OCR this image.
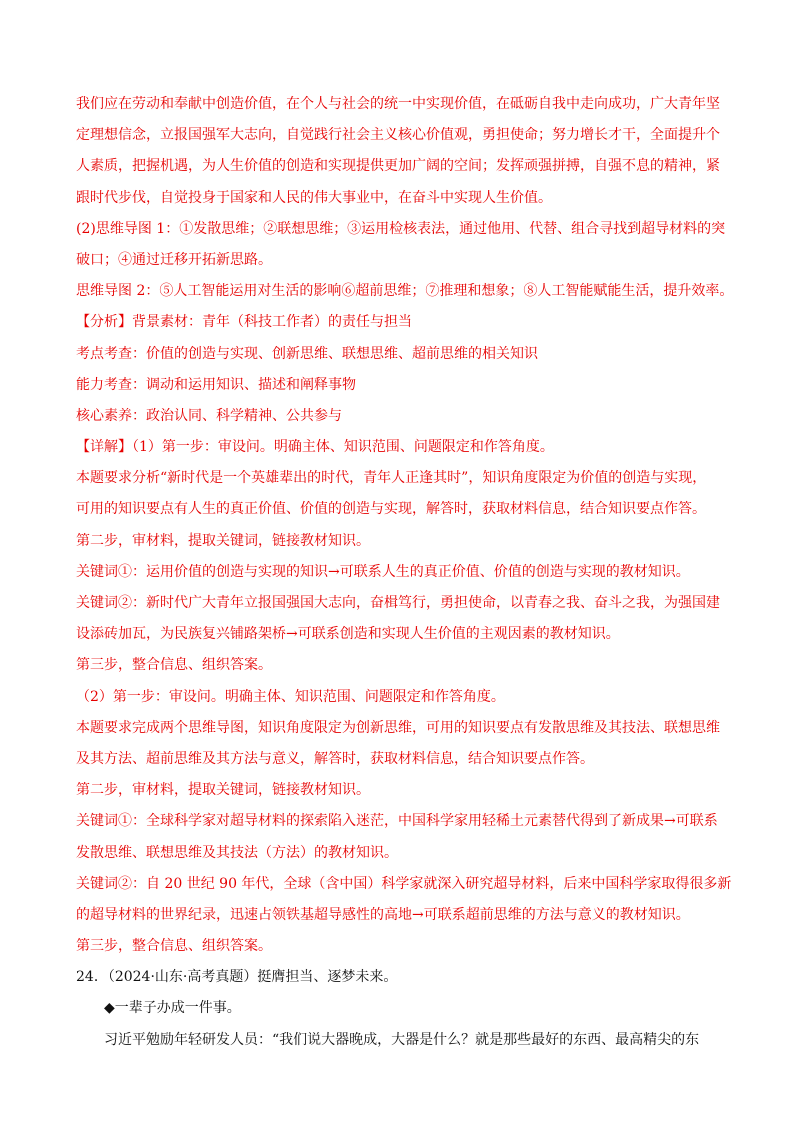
我们应在劳动和奉献中创造价值，在个人与社会的统一中实现价值，在砥砺自我中走向成功，广大青年坚
定理想信念，立报国强军大志向，自觉践行社会主义核心价值观，勇担使命；努力增长才干，全面提升个
人素质，把握机遇，为人生价值的创造和实现提供更加广阔的空间；发挥顽强拼搏，自强不息的精神，紧
跟时代步伐，自觉投身于国家和人民的伟大事业中，在奋斗中实现人生价值。
(2)思维导图 1：①发散思维；②联想思维；③运用检核表法，通过他用、代替、组合寻找到超导材料的突
破口；④通过迁移开拓新思路。
思维导图 2：⑤人工智能运用对生活的影响⑥超前思维；⑦推理和想象；⑧人工智能赋能生活，提升效率。
【分析】背景素材：青年（科技工作者）的责任与担当
考点考查：价值的创造与实现、创新思维、联想思维、超前思维的相关知识
能力考查：调动和运用知识、描述和阐释事物
核心素养：政治认同、科学精神、公共参与
【详解】（1）第一步：审设问。明确主体、知识范围、问题限定和作答角度。
本题要求分析“新时代是一个英雄辈出的时代，青年人正逢其时”，知识角度限定为价值的创造与实现，
可用的知识要点有人生的真正价值、价值的创造与实现，解答时，获取材料信息，结合知识要点作答。
第二步，审材料，提取关键词，链接教材知识。
关键词①：运用价值的创造与实现的知识→可联系人生的真正价值、价值的创造与实现的教材知识。
关键词②：新时代广大青年立报国强国大志向，奋楫笃行，勇担使命，以青春之我、奋斗之我，为强国建
设添砖加瓦，为民族复兴铺路架桥→可联系创造和实现人生价值的主观因素的教材知识。
第三步，整合信息、组织答案。
（2）第一步：审设问。明确主体、知识范围、问题限定和作答角度。
本题要求完成两个思维导图，知识角度限定为创新思维，可用的知识要点有发散思维及其技法、联想思维
及其方法、超前思维及其方法与意义，解答时，获取材料信息，结合知识要点作答。
第二步，审材料，提取关键词，链接教材知识。
关键词①：全球科学家对超导材料的探索陷入迷茫，中国科学家用轻稀土元素替代得到了新成果→可联系
发散思维、联想思维及其技法（方法）的教材知识。
关键词②：自 20 世纪 90 年代，全球（含中国）科学家就深入研究超导材料，后来中国科学家取得很多新
的超导材料的世界纪录，迅速占领铁基超导感性的高地→可联系超前思维的方法与意义的教材知识。
第三步，整合信息、组织答案。
24．（2024·山东·高考真题）挺膺担当、逐梦未来。
◆一辈子办成一件事。
习近平勉励年轻研发人员：“我们说大器晚成，大器是什么？就是那些最好的东西、最高精尖的东
